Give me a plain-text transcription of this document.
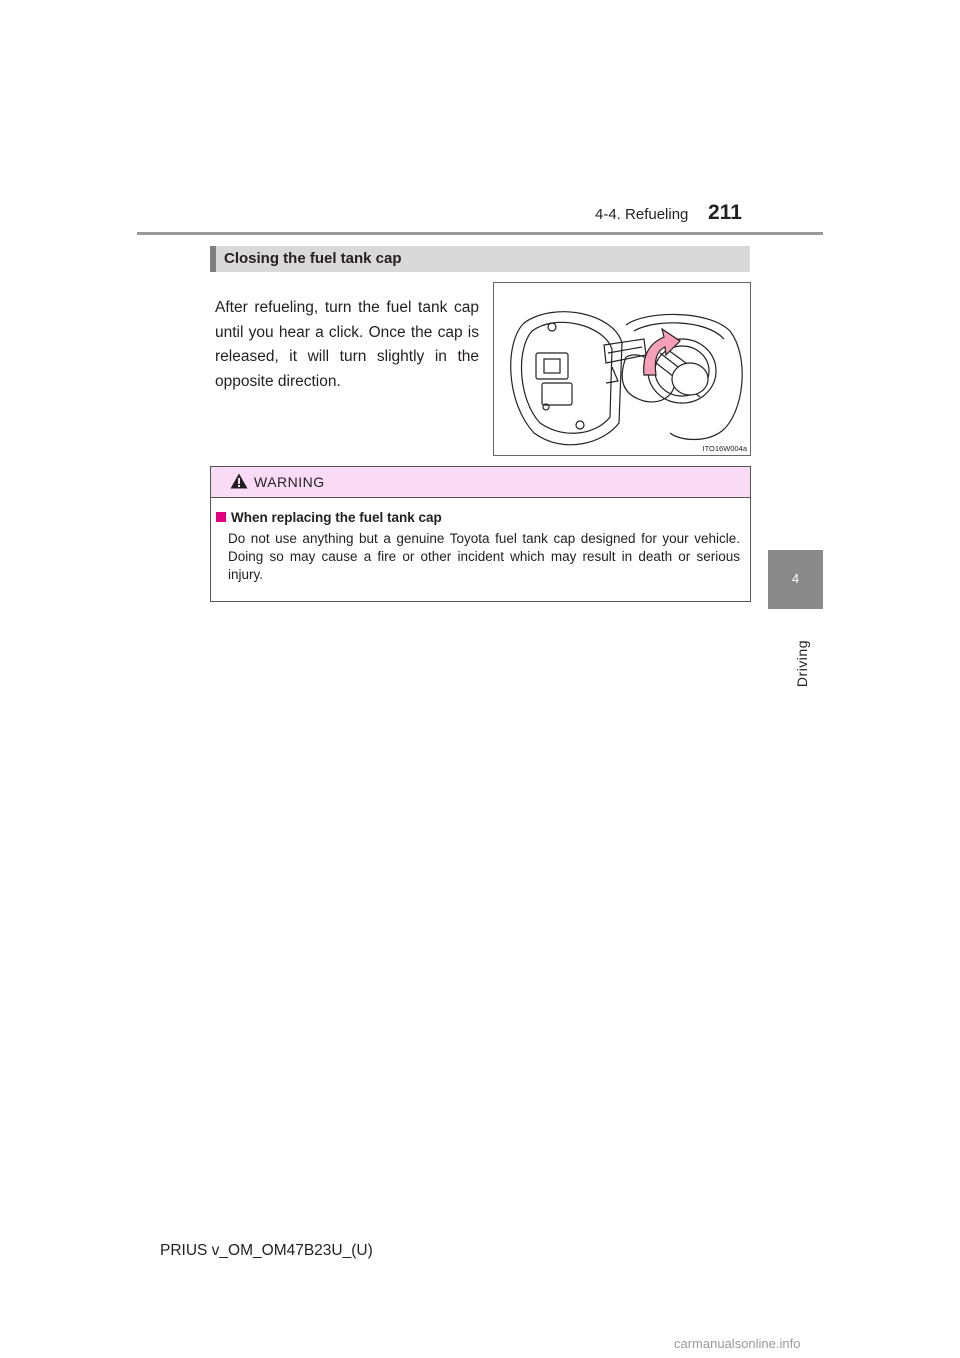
4-4. Refueling 211
4
Driving
Closing the fuel tank cap
After refueling, turn the fuel tank cap until you hear a click. Once the cap is released, it will turn slightly in the opposite direction.
ITO16W004a
WARNING
When replacing the fuel tank cap
Do not use anything but a genuine Toyota fuel tank cap designed for your vehicle. Doing so may cause a fire or other incident which may result in death or serious injury.
PRIUS v_OM_OM47B23U_(U)
carmanualsonline.info
